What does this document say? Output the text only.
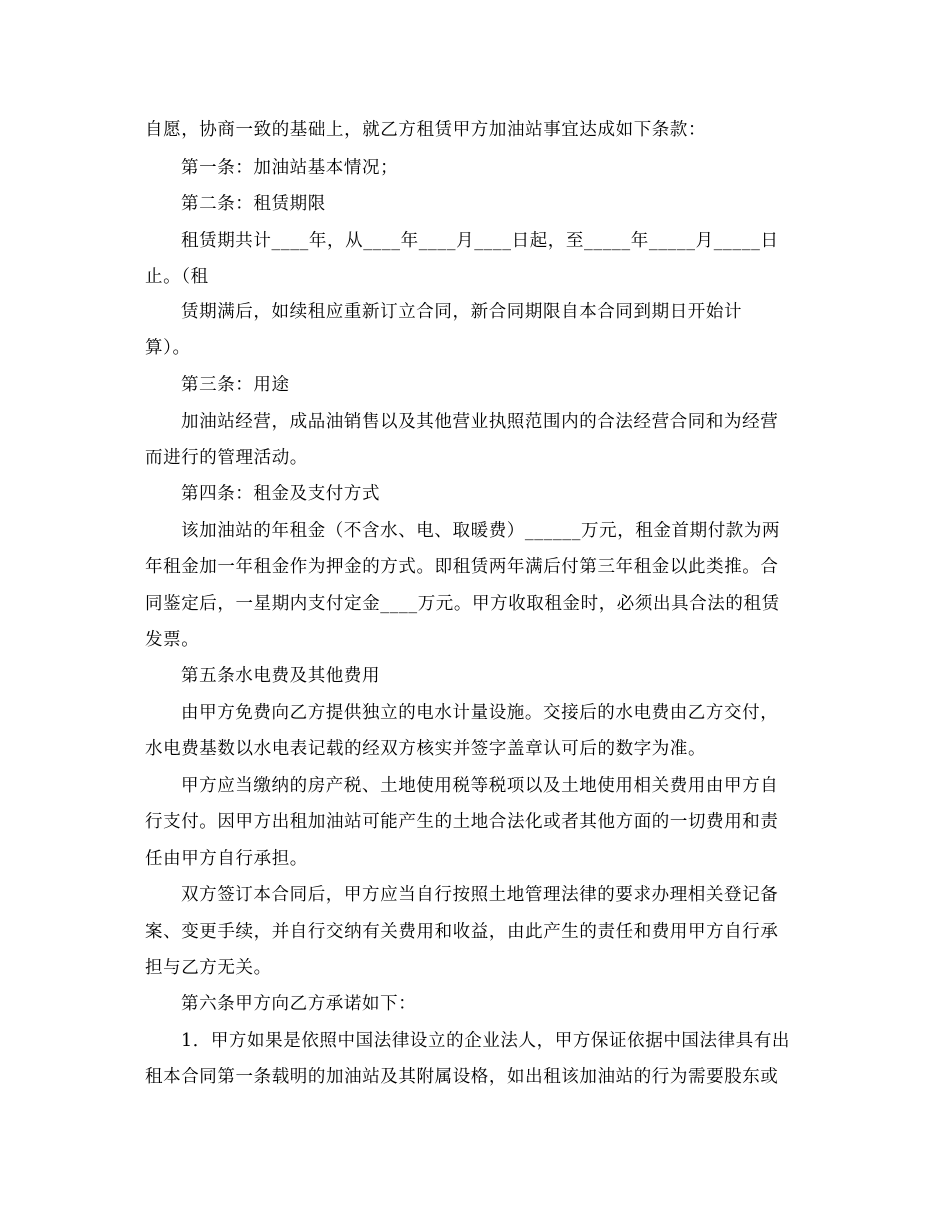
自愿，协商一致的基础上，就乙方租赁甲方加油站事宜达成如下条款：
第一条：加油站基本情况；
第二条：租赁期限
租赁期共计____年，从____年____月____日起，至_____年_____月_____日
止。（租
赁期满后，如续租应重新订立合同，新合同期限自本合同到期日开始计
算）。
第三条：用途
加油站经营，成品油销售以及其他营业执照范围内的合法经营合同和为经营
而进行的管理活动。
第四条：租金及支付方式
该加油站的年租金（不含水、电、取暖费）______万元，租金首期付款为两
年租金加一年租金作为押金的方式。即租赁两年满后付第三年租金以此类推。合
同鉴定后，一星期内支付定金____万元。甲方收取租金时，必须出具合法的租赁
发票。
第五条水电费及其他费用
由甲方免费向乙方提供独立的电水计量设施。交接后的水电费由乙方交付，
水电费基数以水电表记载的经双方核实并签字盖章认可后的数字为准。
甲方应当缴纳的房产税、土地使用税等税项以及土地使用相关费用由甲方自
行支付。因甲方出租加油站可能产生的土地合法化或者其他方面的一切费用和责
任由甲方自行承担。
双方签订本合同后，甲方应当自行按照土地管理法律的要求办理相关登记备
案、变更手续，并自行交纳有关费用和收益，由此产生的责任和费用甲方自行承
担与乙方无关。
第六条甲方向乙方承诺如下：
1．甲方如果是依照中国法律设立的企业法人，甲方保证依据中国法律具有出
租本合同第一条载明的加油站及其附属设格，如出租该加油站的行为需要股东或
